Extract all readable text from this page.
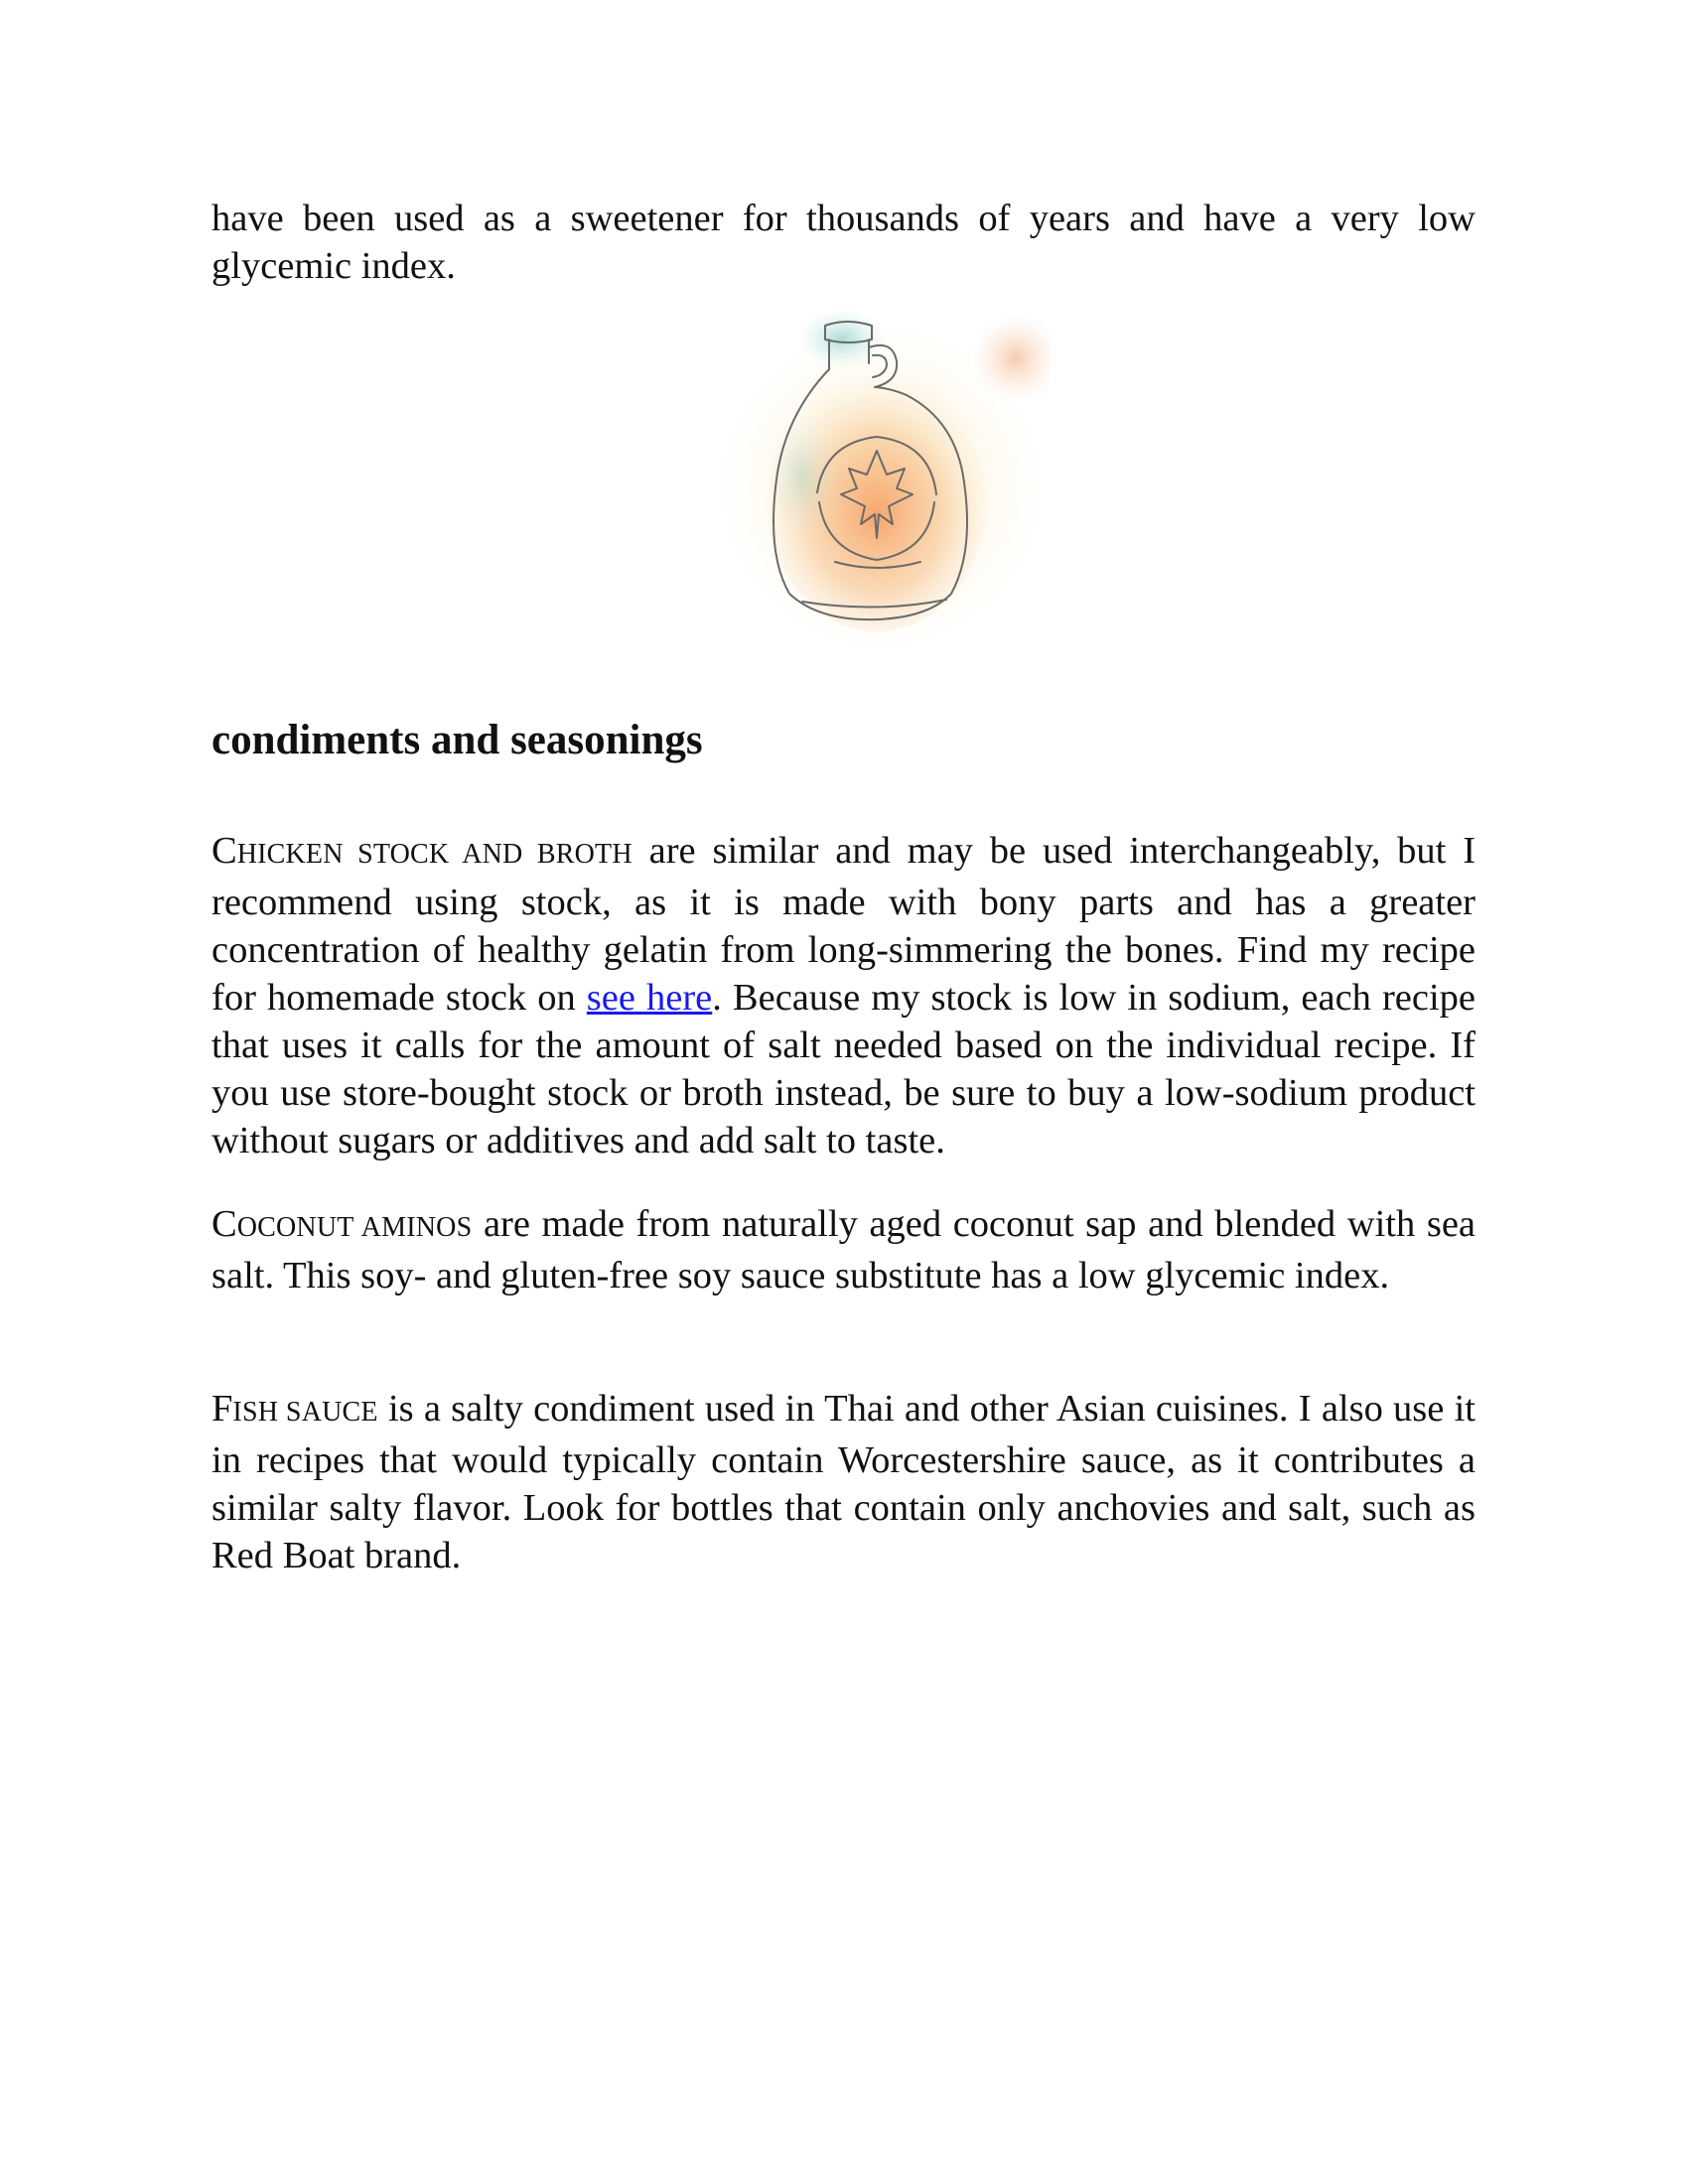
have been used as a sweetener for thousands of years and have a very low glycemic index.

condiments and seasonings

CHICKEN STOCK AND BROTH are similar and may be used interchangeably, but I recommend using stock, as it is made with bony parts and has a greater concentration of healthy gelatin from long-simmering the bones. Find my recipe for homemade stock on see here. Because my stock is low in sodium, each recipe that uses it calls for the amount of salt needed based on the individual recipe. If you use store-bought stock or broth instead, be sure to buy a low-sodium product without sugars or additives and add salt to taste.

COCONUT AMINOS are made from naturally aged coconut sap and blended with sea salt. This soy- and gluten-free soy sauce substitute has a low glycemic index.

FISH SAUCE is a salty condiment used in Thai and other Asian cuisines. I also use it in recipes that would typically contain Worcestershire sauce, as it contributes a similar salty flavor. Look for bottles that contain only anchovies and salt, such as Red Boat brand.
